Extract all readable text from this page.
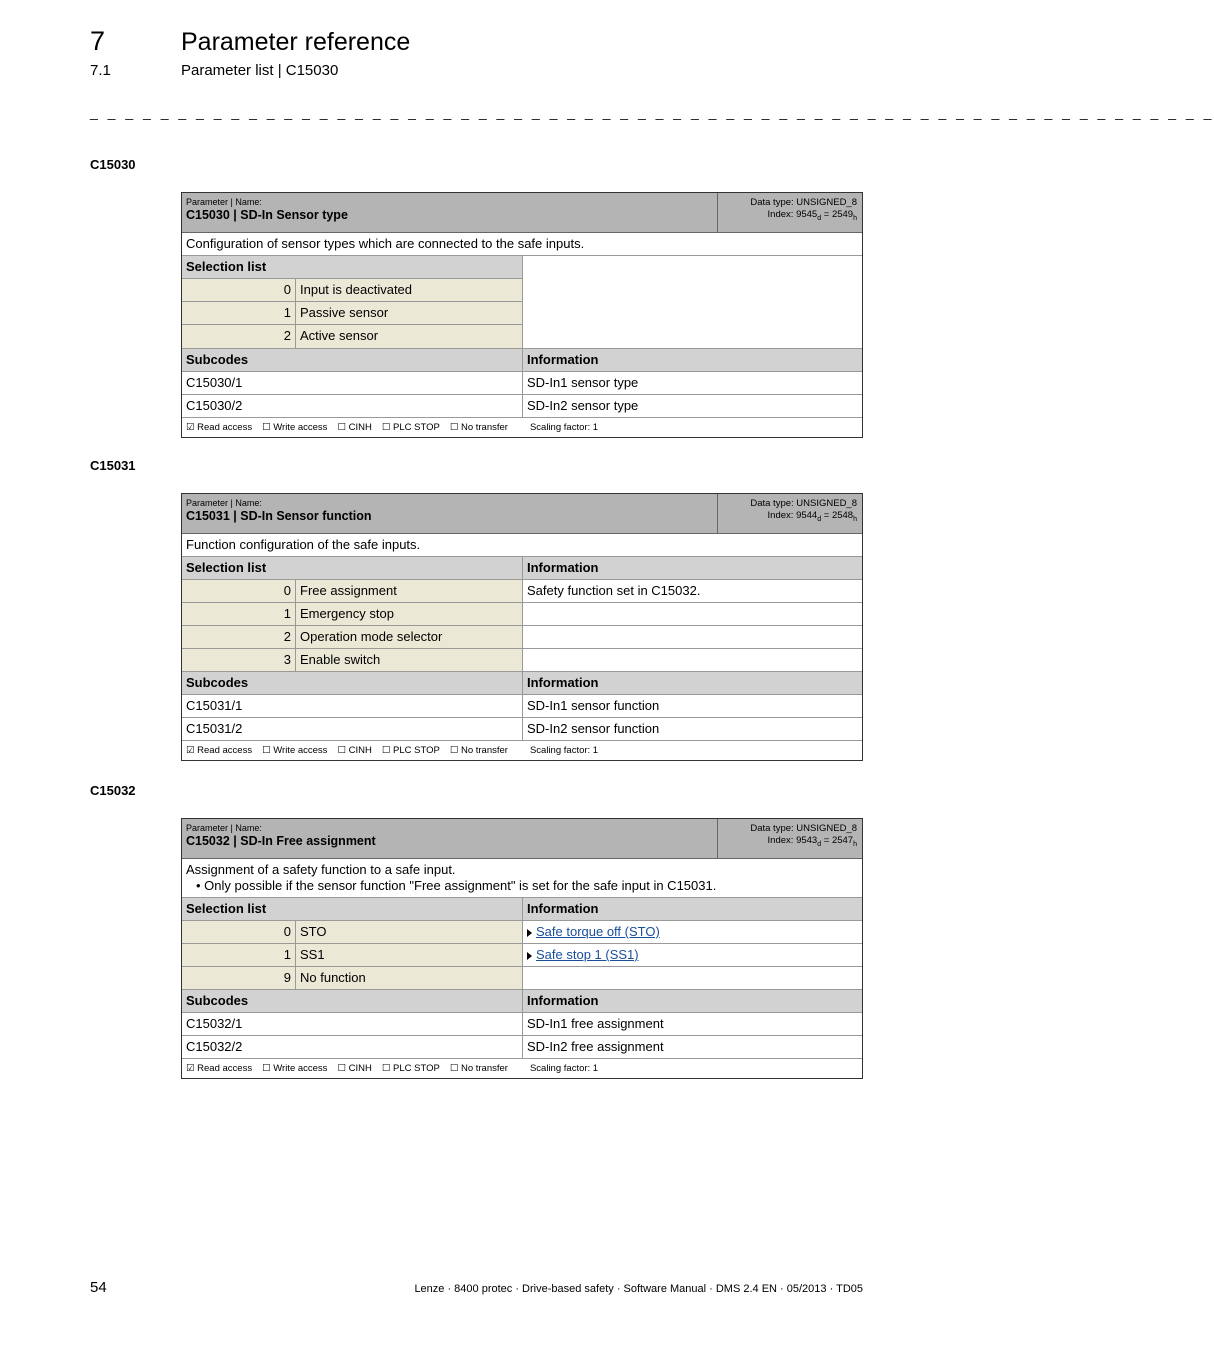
7	Parameter reference
7.1	Parameter list | C15030
_ _ _ _ _ _ _ _ _ _ _ _ _ _ _ _ _ _ _ _ _ _ _ _ _ _ _ _ _ _ _ _ _ _ _ _ _ _ _ _ _ _ _ _ _ _ _ _ _ _ _ _ _ _ _ _ _ _ _ _ _ _ _ _
C15030
Parameter | Name:
C15030 | SD-In Sensor type
Data type: UNSIGNED_8
Index: $9545_d = 2549_h$
Configuration of sensor types which are connected to the safe inputs.
Selection list
0 Input is deactivated
1 Passive sensor
2 Active sensor
Subcodes	Information
C15030/1	SD-In1 sensor type
C15030/2	SD-In2 sensor type
☑ Read access ☐ Write access ☐ CINH ☐ PLC STOP ☐ No transfer Scaling factor: 1
C15031
Parameter | Name:
C15031 | SD-In Sensor function
Data type: UNSIGNED_8
Index: $9544_d = 2548_h$
Function configuration of the safe inputs.
Selection list	Information
0 Free assignment	Safety function set in C15032.
1 Emergency stop
2 Operation mode selector
3 Enable switch
Subcodes	Information
C15031/1	SD-In1 sensor function
C15031/2	SD-In2 sensor function
☑ Read access ☐ Write access ☐ CINH ☐ PLC STOP ☐ No transfer Scaling factor: 1
C15032
Parameter | Name:
C15032 | SD-In Free assignment
Data type: UNSIGNED_8
Index: $9543_d = 2547_h$
Assignment of a safety function to a safe input.
• Only possible if the sensor function "Free assignment" is set for the safe input in C15031.
Selection list	Information
0 STO	Safe torque off (STO)
1 SS1	Safe stop 1 (SS1)
9 No function
Subcodes	Information
C15032/1	SD-In1 free assignment
C15032/2	SD-In2 free assignment
☑ Read access ☐ Write access ☐ CINH ☐ PLC STOP ☐ No transfer Scaling factor: 1
54	Lenze · 8400 protec · Drive-based safety · Software Manual · DMS 2.4 EN · 05/2013 · TD05
